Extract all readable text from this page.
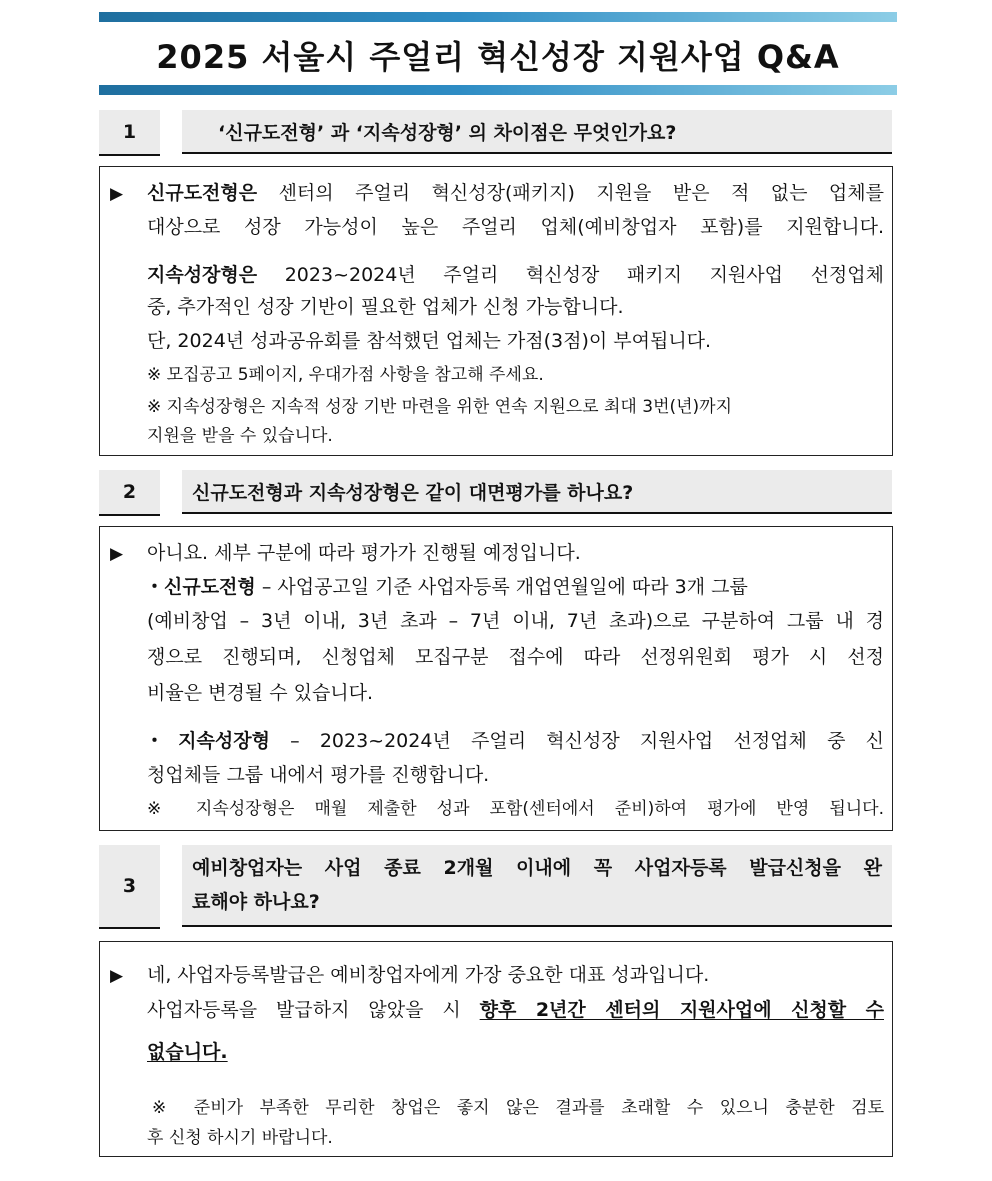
2025 서울시 주얼리 혁신성장 지원사업 Q&A
1	‘신규도전형’ 과 ‘지속성장형’ 의 차이점은 무엇인가요?
▶ 신규도전형은 센터의 주얼리 혁신성장(패키지) 지원을 받은 적 없는 업체를
대상으로 성장 가능성이 높은 주얼리 업체(예비창업자 포함)를 지원합니다.
지속성장형은 2023~2024년 주얼리 혁신성장 패키지 지원사업 선정업체
중, 추가적인 성장 기반이 필요한 업체가 신청 가능합니다.
단, 2024년 성과공유회를 참석했던 업체는 가점(3점)이 부여됩니다.
※ 모집공고 5페이지, 우대가점 사항을 참고해 주세요.
※ 지속성장형은 지속적 성장 기반 마련을 위한 연속 지원으로 최대 3번(년)까지
지원을 받을 수 있습니다.
2	신규도전형과 지속성장형은 같이 대면평가를 하나요?
▶ 아니요. 세부 구분에 따라 평가가 진행될 예정입니다.
・신규도전형 – 사업공고일 기준 사업자등록 개업연월일에 따라 3개 그룹
(예비창업 – 3년 이내, 3년 초과 – 7년 이내, 7년 초과)으로 구분하여 그룹 내 경
쟁으로 진행되며, 신청업체 모집구분 접수에 따라 선정위원회 평가 시 선정
비율은 변경될 수 있습니다.
・지속성장형 – 2023~2024년 주얼리 혁신성장 지원사업 선정업체 중 신
청업체들 그룹 내에서 평가를 진행합니다.
※ 지속성장형은 매월 제출한 성과 포함(센터에서 준비)하여 평가에 반영 됩니다.
3
예비창업자는 사업 종료 2개월 이내에 꼭 사업자등록 발급신청을 완
료해야 하나요?
▶ 네, 사업자등록발급은 예비창업자에게 가장 중요한 대표 성과입니다.
사업자등록을 발급하지 않았을 시 향후 2년간 센터의 지원사업에 신청할 수
없습니다.
※ 준비가 부족한 무리한 창업은 좋지 않은 결과를 초래할 수 있으니 충분한 검토
후 신청 하시기 바랍니다.
